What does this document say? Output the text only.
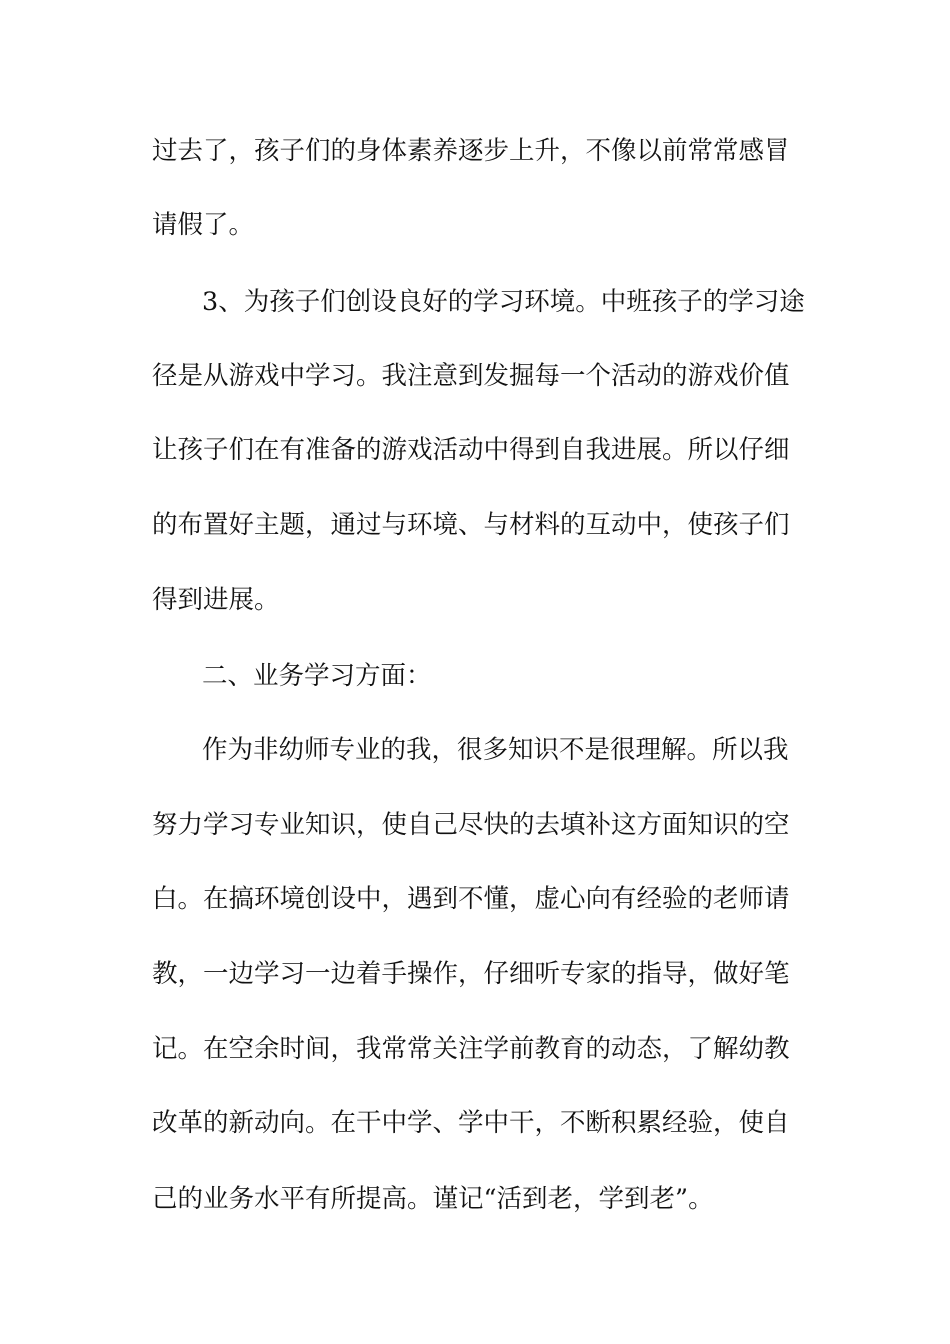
过去了，孩子们的身体素养逐步上升，不像以前常常感冒
请假了。
3、为孩子们创设良好的学习环境。中班孩子的学习途
径是从游戏中学习。我注意到发掘每一个活动的游戏价值
让孩子们在有准备的游戏活动中得到自我进展。所以仔细
的布置好主题，通过与环境、与材料的互动中，使孩子们
得到进展。
二、业务学习方面：
作为非幼师专业的我，很多知识不是很理解。所以我
努力学习专业知识，使自己尽快的去填补这方面知识的空
白。在搞环境创设中，遇到不懂，虚心向有经验的老师请
教，一边学习一边着手操作，仔细听专家的指导，做好笔
记。在空余时间，我常常关注学前教育的动态，了解幼教
改革的新动向。在干中学、学中干，不断积累经验，使自
己的业务水平有所提高。谨记“活到老，学到老”。
